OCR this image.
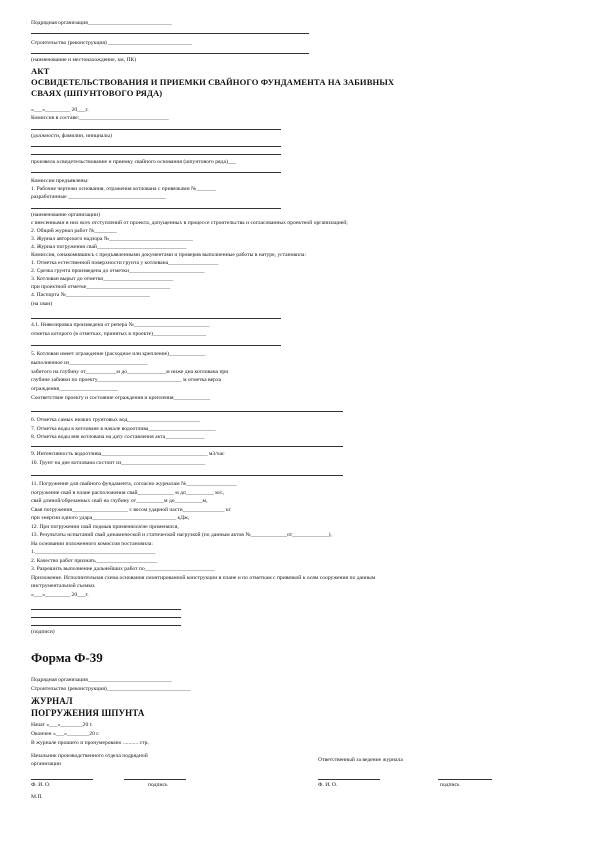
Подрядная организация______________________________
Строительство (реконструкция) ______________________________
(наименование и местонахождение, км, ПК)
АКТ
ОСВИДЕТЕЛЬСТВОВАНИЯ И ПРИЕМКИ СВАЙНОГО ФУНДАМЕНТА НА ЗАБИВНЫХ
СВАЯХ (ШПУНТОВОГО РЯДА)
«___»_________ 20___г.
Комиссия в составе:________________________________
(должности, фамилии, инициалы)
произвела освидетельствование и приемку свайного основания (шпунтового ряда)___
Комиссии предъявлены:
1. Рабочие чертежи основания, отражения котлована с привязками №_______
разработанные ___________________________________
(наименование организации)
с внесенными в них всех отступлений от проекта, допущенных в процессе строительства и согласованных проектной организацией;
2. Общий журнал работ №________
3. Журнал авторского надзора №______________________________
4. Журнал погружения свай________________________________
Комиссия, ознакомившись с предъявленными документами и проверив выполненные работы в натуре, установила:
1. Отметка естественной поверхности грунта у котлована__________________
2. Срезка грунта произведена до отметки___________________________
3. Котлован вырыт до отметки_________________________
при проектной отметке______________________________
4. Паспорта №______________________________
(на сваи)
4.1. Нивелировка произведена от репера №___________________________
отметка которого (в отметках, принятых в проекте)___________________
5. Котлован имеет ограждение (расходное или крепление)_____________
выполненное из____________________________
забитого на глубину от___________м до______________м ниже дна котлована при
глубине забивки по проекту______________________________ м отметка верха
ограждения_____________________
Соответствие проекту и состояние ограждения и крепления_____________
6. Отметка самых низких грунтовых вод__________________________
7. Отметка воды в котловане в начале водоотлива________________________
8. Отметка воды вне котлована на дату составления акта______________
9. Интенсивность водоотлива______________________________________ м3/час
10. Грунт на дне котлована состоит из______________________________
11. Погружение для свайного фундамента, согласно журналам №__________________
погружение свай в плане расположения свай_____________ м до__________ м/с,
свай длиной/обрезанных свай на глубину от__________м до__________м,
Свая погружения____________________ с весом ударной части_______________ кг
при энергии одного удара______________________________ кДж,
12. При погружении свай подмыв применялся/не применялся,
13. Результаты испытаний свай динамической и статической нагрузкой (по данным актов №_____________от_____________),
На основании изложенного комиссия постановила:
1.___________________________________________
2. Качество работ признать______________________
3. Разрешить выполнение дальнейших работ по_________________________
Приложение. Исполнительная схема основания смонтированной конструкции в плане и по отметкам с привязкой к осям сооружения по данным
инструментальной съемки.
«___»_________ 20___г.
(подписи)
Форма Ф-39
Подрядная организация______________________________
Строительство (реконструкция)______________________________
ЖУРНАЛ
ПОГРУЖЕНИЯ ШПУНТА
Начат «___»________20 г.
Окончен «___»________20 г.
В журнале прошито и пронумеровано ........... стр.
Начальник производственного отдела подрядной
организации
Ответственный за ведение журнала
Ф. И. О.	подпись	Ф. И. О.	подпись
М.П.
